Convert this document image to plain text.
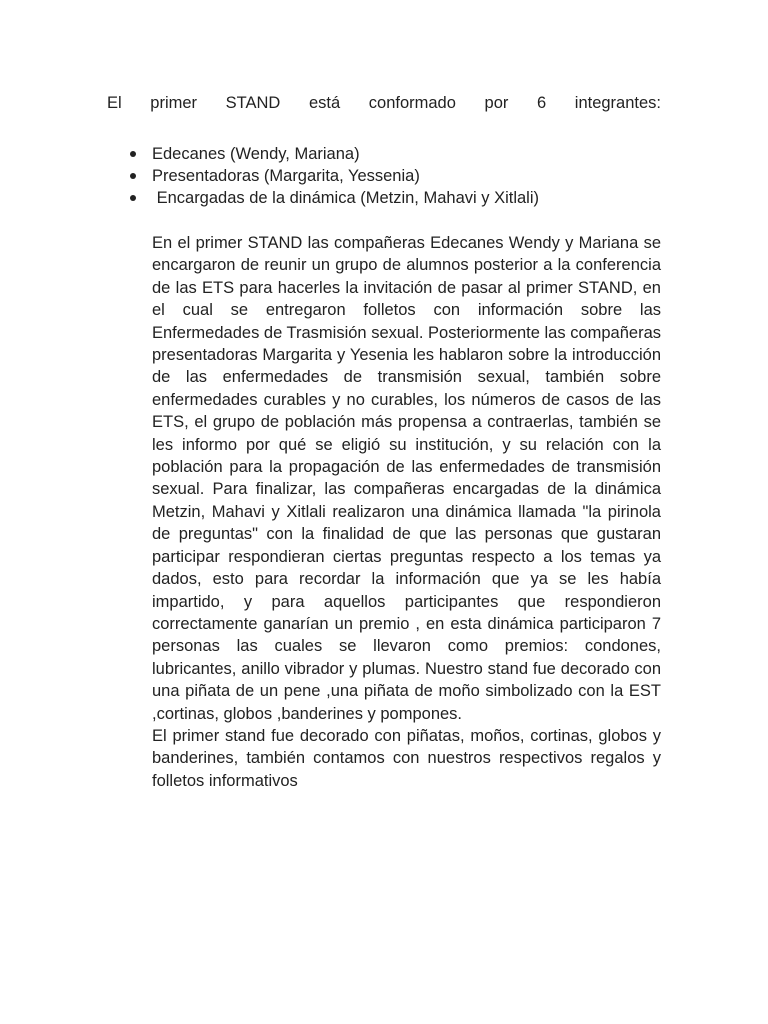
El primer STAND está conformado por 6 integrantes:

Edecanes (Wendy, Mariana)
Presentadoras (Margarita, Yessenia)
Encargadas de la dinámica (Metzin, Mahavi y Xitlali)

En el primer STAND las compañeras Edecanes Wendy y Mariana se encargaron de reunir un grupo de alumnos posterior a la conferencia de las ETS para hacerles la invitación de pasar al primer STAND, en el cual se entregaron folletos con información sobre las Enfermedades de Trasmisión sexual. Posteriormente las compañeras presentadoras Margarita y Yesenia les hablaron sobre la introducción de las enfermedades de transmisión sexual, también sobre enfermedades curables y no curables, los números de casos de las ETS, el grupo de población más propensa a contraerlas, también se les informo por qué se eligió su institución, y su relación con la población para la propagación de las enfermedades de transmisión sexual. Para finalizar, las compañeras encargadas de la dinámica Metzin, Mahavi y Xitlali realizaron una dinámica llamada "la pirinola de preguntas" con la finalidad de que las personas que gustaran participar respondieran ciertas preguntas respecto a los temas ya dados, esto para recordar la información que ya se les había impartido, y para aquellos participantes que respondieron correctamente ganarían un premio , en esta dinámica participaron 7 personas las cuales se llevaron como premios: condones, lubricantes, anillo vibrador y plumas. Nuestro stand fue decorado con una piñata de un pene ,una piñata de moño simbolizado con la EST ,cortinas, globos ,banderines y pompones.

El primer stand fue decorado con piñatas, moños, cortinas, globos y banderines, también contamos con nuestros respectivos regalos y folletos informativos
